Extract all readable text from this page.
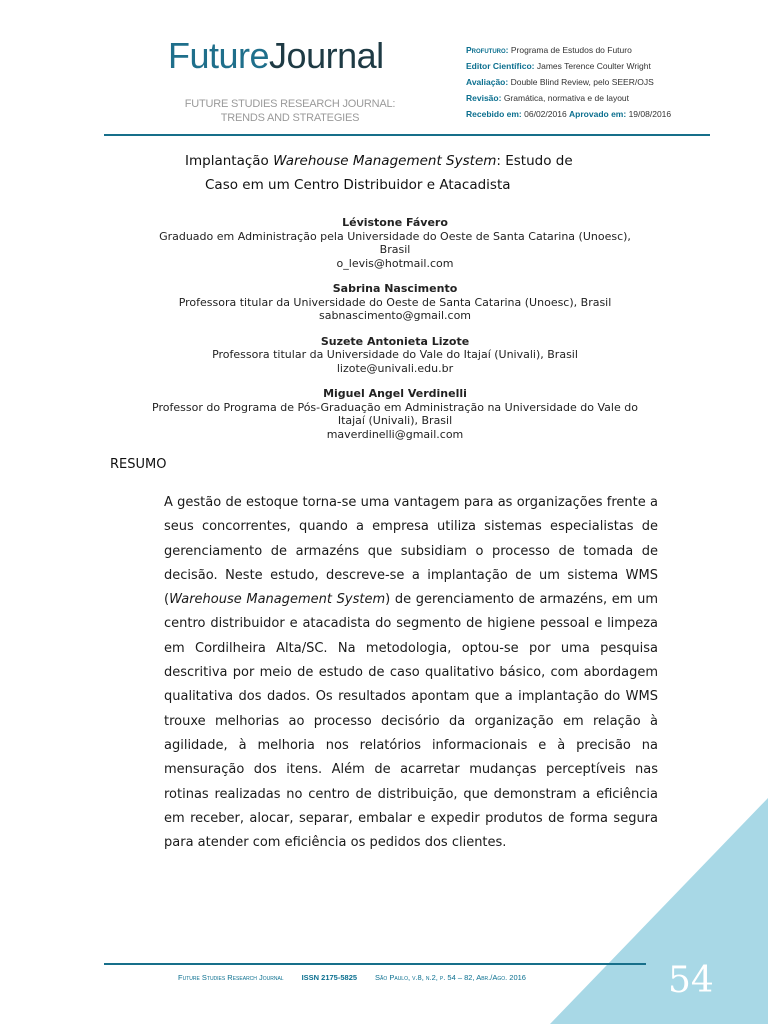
FutureJournal
FUTURE STUDIES RESEARCH JOURNAL:
TRENDS AND STRATEGIES
Profuturo: Programa de Estudos do Futuro
Editor Científico: James Terence Coulter Wright
Avaliação: Double Blind Review, pelo SEER/OJS
Revisão: Gramática, normativa e de layout
Recebido em: 06/02/2016 Aprovado em: 19/08/2016
Implantação Warehouse Management System: Estudo de
Caso em um Centro Distribuidor e Atacadista
Lévistone Fávero
Graduado em Administração pela Universidade do Oeste de Santa Catarina (Unoesc),
Brasil
o_levis@hotmail.com
Sabrina Nascimento
Professora titular da Universidade do Oeste de Santa Catarina (Unoesc), Brasil
sabnascimento@gmail.com
Suzete Antonieta Lizote
Professora titular da Universidade do Vale do Itajaí (Univali), Brasil
lizote@univali.edu.br
Miguel Angel Verdinelli
Professor do Programa de Pós-Graduação em Administração na Universidade do Vale do
Itajaí (Univali), Brasil
maverdinelli@gmail.com
RESUMO
A gestão de estoque torna-se uma vantagem para as organizações frente a seus concorrentes, quando a empresa utiliza sistemas especialistas de gerenciamento de armazéns que subsidiam o processo de tomada de decisão. Neste estudo, descreve-se a implantação de um sistema WMS (Warehouse Management System) de gerenciamento de armazéns, em um centro distribuidor e atacadista do segmento de higiene pessoal e limpeza em Cordilheira Alta/SC. Na metodologia, optou-se por uma pesquisa descritiva por meio de estudo de caso qualitativo básico, com abordagem qualitativa dos dados. Os resultados apontam que a implantação do WMS trouxe melhorias ao processo decisório da organização em relação à agilidade, à melhoria nos relatórios informacionais e à precisão na mensuração dos itens. Além de acarretar mudanças perceptíveis nas rotinas realizadas no centro de distribuição, que demonstram a eficiência em receber, alocar, separar, embalar e expedir produtos de forma segura para atender com eficiência os pedidos dos clientes.
54
Future Studies Research Journal ISSN 2175-5825 São Paulo, v.8, n.2, p. 54 – 82, Abr./Ago. 2016
